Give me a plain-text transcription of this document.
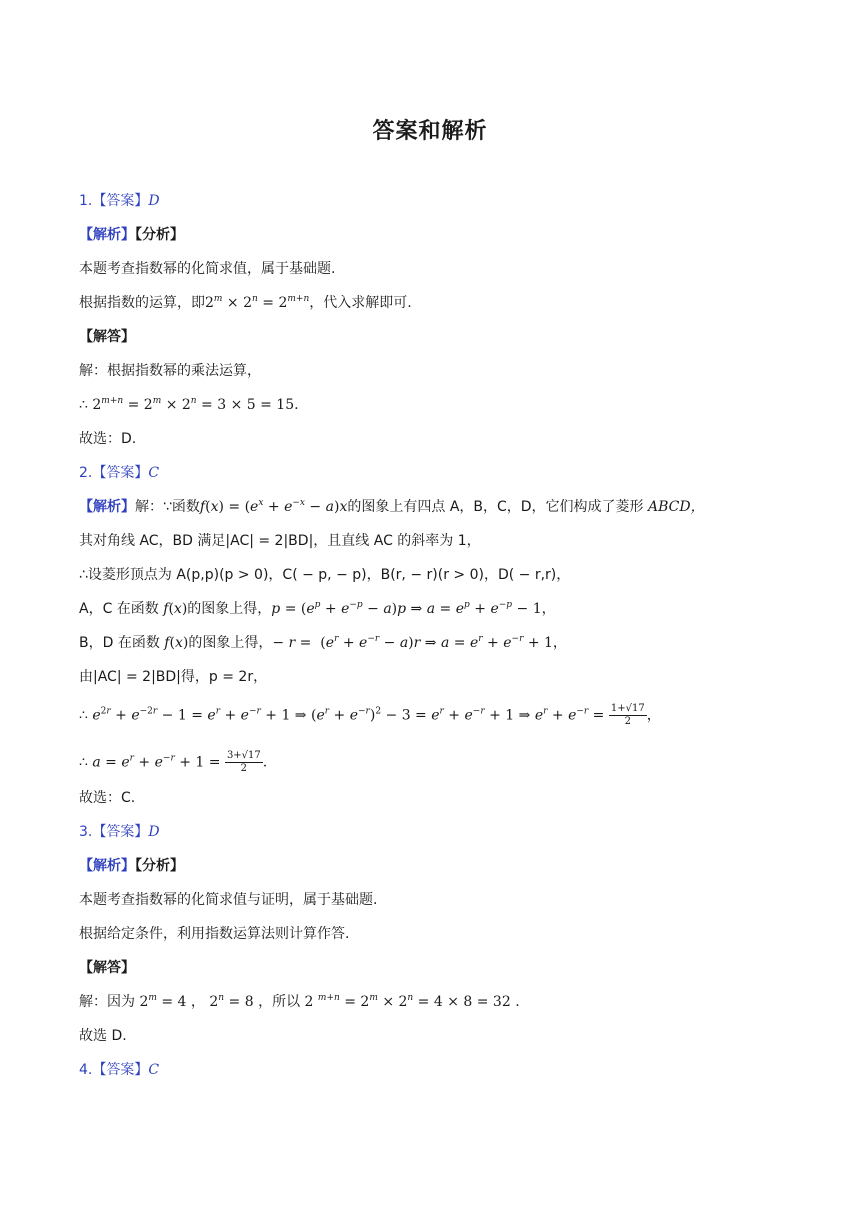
答案和解析
1.【答案】D
【解析】【分析】
本题考查指数幂的化简求值，属于基础题.
根据指数的运算，即$2^m \times 2^n = 2^{m+n}$，代入求解即可.
【解答】
解：根据指数幂的乘法运算，
∴ $2^{m+n} = 2^m \times 2^n = 3 \times 5 = 15$.
故选：D.
2.【答案】C
【解析】解：∵函数$f(x) = (e^x + e^{-x} - a)x$的图象上有四点 A，B，C，D，它们构成了菱形 ABCD，
其对角线 AC，BD 满足|AC| = 2|BD|，且直线 AC 的斜率为 1，
∴设菱形顶点为 A(p,p)(p > 0)，C( − p, − p)，B(r, − r)(r > 0)，D( − r,r)，
A，C 在函数 f(x)的图象上得，$p = (e^p + e^{-p} - a)p$ ⇒ $a = e^p + e^{-p} - 1$，
B，D 在函数 f(x)的图象上得，− $r = (e^r + e^{-r} - a)r$ ⇒ $a = e^r + e^{-r} + 1$，
由|AC| = 2|BD|得，p = 2r，
∴ $e^{2r} + e^{-2r} - 1 = e^r + e^{-r} + 1$ ⇒ $(e^r + e^{-r})^2 - 3 = e^r + e^{-r} + 1$ ⇒ $e^r + e^{-r} = \frac{1+√17}{2}$ ，
∴ $a = e^r + e^{-r} + 1 = \frac{3+√17}{2}$ .
故选：C.
3.【答案】D
【解析】【分析】
本题考查指数幂的化简求值与证明，属于基础题.
根据给定条件，利用指数运算法则计算作答.
【解答】
解：因为 $2^m = 4$ ， $2^n = 8$ ，所以 2 $^{m+n} = 2^m \times 2^n = 4 \times 8 = 32$ .
故选 D.
4.【答案】C
